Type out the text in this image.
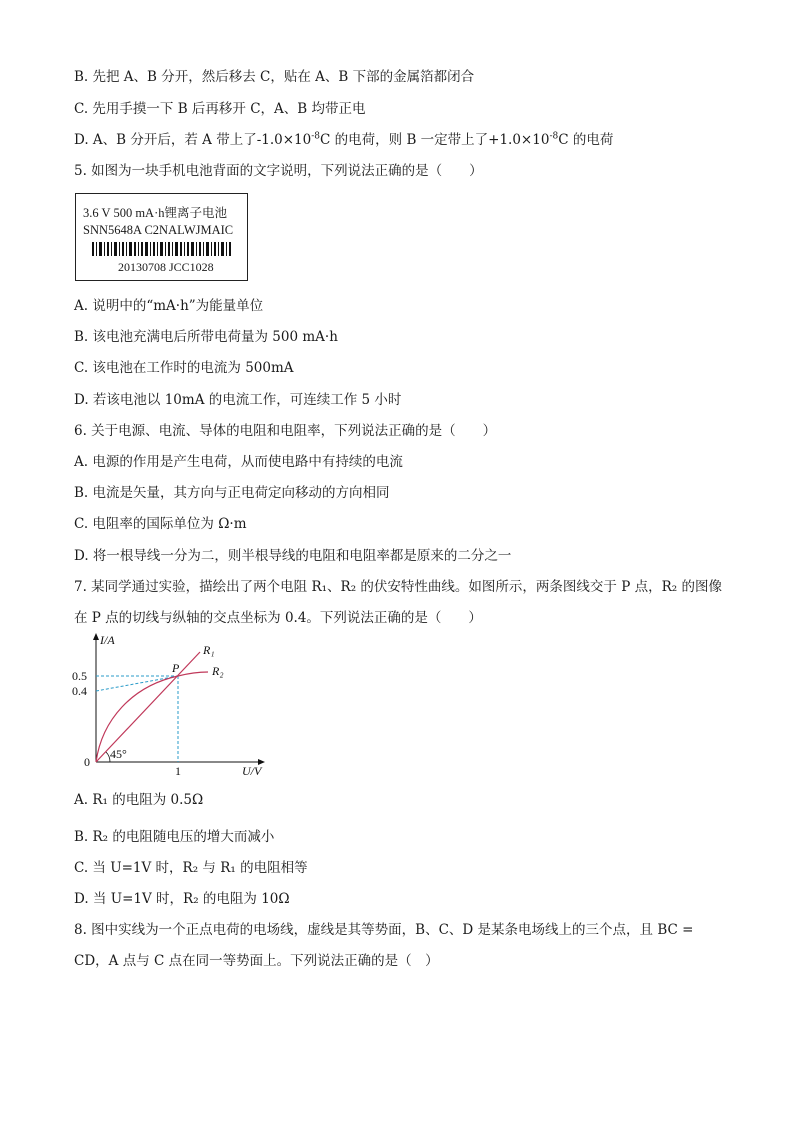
B. 先把 A、B 分开，然后移去 C，贴在 A、B 下部的金属箔都闭合
C. 先用手摸一下 B 后再移开 C，A、B 均带正电
D. A、B 分开后，若 A 带上了$-1.0\times 10^{-8}C$ 的电荷，则 B 一定带上了$+1.0\times 10^{-8}C$ 的电荷
5. 如图为一块手机电池背面的文字说明，下列说法正确的是（　　）
3.6 V 500 mA·h锂离子电池
SNN5648A C2NALWJMAIC
20130708 JCC1028
A. 说明中的“mA·h”为能量单位
B. 该电池充满电后所带电荷量为 500 mA·h
C. 该电池在工作时的电流为 500mA
D. 若该电池以 10mA 的电流工作，可连续工作 5 小时
6. 关于电源、电流、导体的电阻和电阻率，下列说法正确的是（　　）
A. 电源的作用是产生电荷，从而使电路中有持续的电流
B. 电流是矢量，其方向与正电荷定向移动的方向相同
C. 电阻率的国际单位为 Ω·m
D. 将一根导线一分为二，则半根导线的电阻和电阻率都是原来的二分之一
7. 某同学通过实验，描绘出了两个电阻 R₁、R₂ 的伏安特性曲线。如图所示，两条图线交于 P 点，R₂ 的图像
在 P 点的切线与纵轴的交点坐标为 0.4。下列说法正确的是（　　）
I/A
U/V
0
0.5
0.4
1
45°
P
R₁
R₂
A. R₁ 的电阻为 0.5Ω
B. R₂ 的电阻随电压的增大而减小
C. 当 U=1V 时，R₂ 与 R₁ 的电阻相等
D. 当 U=1V 时，R₂ 的电阻为 10Ω
8. 图中实线为一个正点电荷的电场线，虚线是其等势面，B、C、D 是某条电场线上的三个点，且 BC =
CD，A 点与 C 点在同一等势面上。下列说法正确的是（　）
